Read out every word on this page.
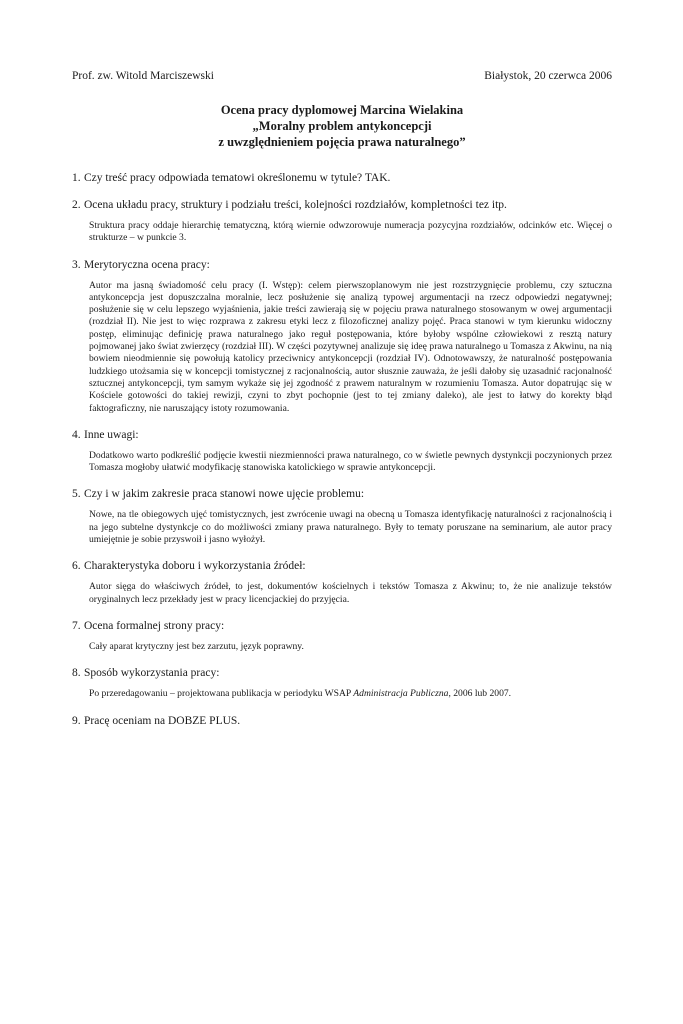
Prof. zw. Witold Marciszewski	Białystok, 20 czerwca 2006
Ocena pracy dyplomowej Marcina Wielakina
„Moralny problem antykoncepcji
z uwzględnieniem pojęcia prawa naturalnego”
1. Czy treść pracy odpowiada tematowi określonemu w tytule? TAK.
2. Ocena układu pracy, struktury i podziału treści, kolejności rozdziałów, kompletności tez itp.
Struktura pracy oddaje hierarchię tematyczną, którą wiernie odwzorowuje numeracja pozycyjna rozdziałów, odcinków etc. Więcej o strukturze – w punkcie 3.
3. Merytoryczna ocena pracy:
Autor ma jasną świadomość celu pracy (I. Wstęp): celem pierwszoplanowym nie jest rozstrzygnięcie problemu, czy sztuczna antykoncepcja jest dopuszczalna moralnie, lecz posłużenie się analizą typowej argumentacji na rzecz odpowiedzi negatywnej; posłużenie się w celu lepszego wyjaśnienia, jakie treści zawierają się w pojęciu prawa naturalnego stosowanym w owej argumentacji (rozdział II). Nie jest to więc rozprawa z zakresu etyki lecz z filozoficznej analizy pojęć. Praca stanowi w tym kierunku widoczny postęp, eliminując definicję prawa naturalnego jako reguł postępowania, które byłoby wspólne człowiekowi z resztą natury pojmowanej jako świat zwierzęcy (rozdział III). W części pozytywnej analizuje się ideę prawa naturalnego u Tomasza z Akwinu, na nią bowiem nieodmiennie się powołują katolicy przeciwnicy antykoncepcji (rozdział IV). Odnotowawszy, że naturalność postępowania ludzkiego utożsamia się w koncepcji tomistycznej z racjonalnością, autor słusznie zauważa, że jeśli dałoby się uzasadnić racjonalność sztucznej antykoncepcji, tym samym wykaże się jej zgodność z prawem naturalnym w rozumieniu Tomasza. Autor dopatrując się w Kościele gotowości do takiej rewizji, czyni to zbyt pochopnie (jest to tej zmiany daleko), ale jest to łatwy do korekty błąd faktograficzny, nie naruszający istoty rozumowania.
4. Inne uwagi:
Dodatkowo warto podkreślić podjęcie kwestii niezmienności prawa naturalnego, co w świetle pewnych dystynkcji poczynionych przez Tomasza mogłoby ułatwić modyfikację stanowiska katolickiego w sprawie antykoncepcji.
5. Czy i w jakim zakresie praca stanowi nowe ujęcie problemu:
Nowe, na tle obiegowych ujęć tomistycznych, jest zwrócenie uwagi na obecną u Tomasza identyfikację naturalności z racjonalnością i na jego subtelne dystynkcje co do możliwości zmiany prawa naturalnego. Były to tematy poruszane na seminarium, ale autor pracy umiejętnie je sobie przyswoił i jasno wyłożył.
6. Charakterystyka doboru i wykorzystania źródeł:
Autor sięga do właściwych źródeł, to jest, dokumentów kościelnych i tekstów Tomasza z Akwinu; to, że nie analizuje tekstów oryginalnych lecz przekłady jest w pracy licencjackiej do przyjęcia.
7. Ocena formalnej strony pracy:
Cały aparat krytyczny jest bez zarzutu, język poprawny.
8. Sposób wykorzystania pracy:
Po przeredagowaniu – projektowana publikacja w periodyku WSAP Administracja Publiczna, 2006 lub 2007.
9. Pracę oceniam na DOBZE PLUS.
